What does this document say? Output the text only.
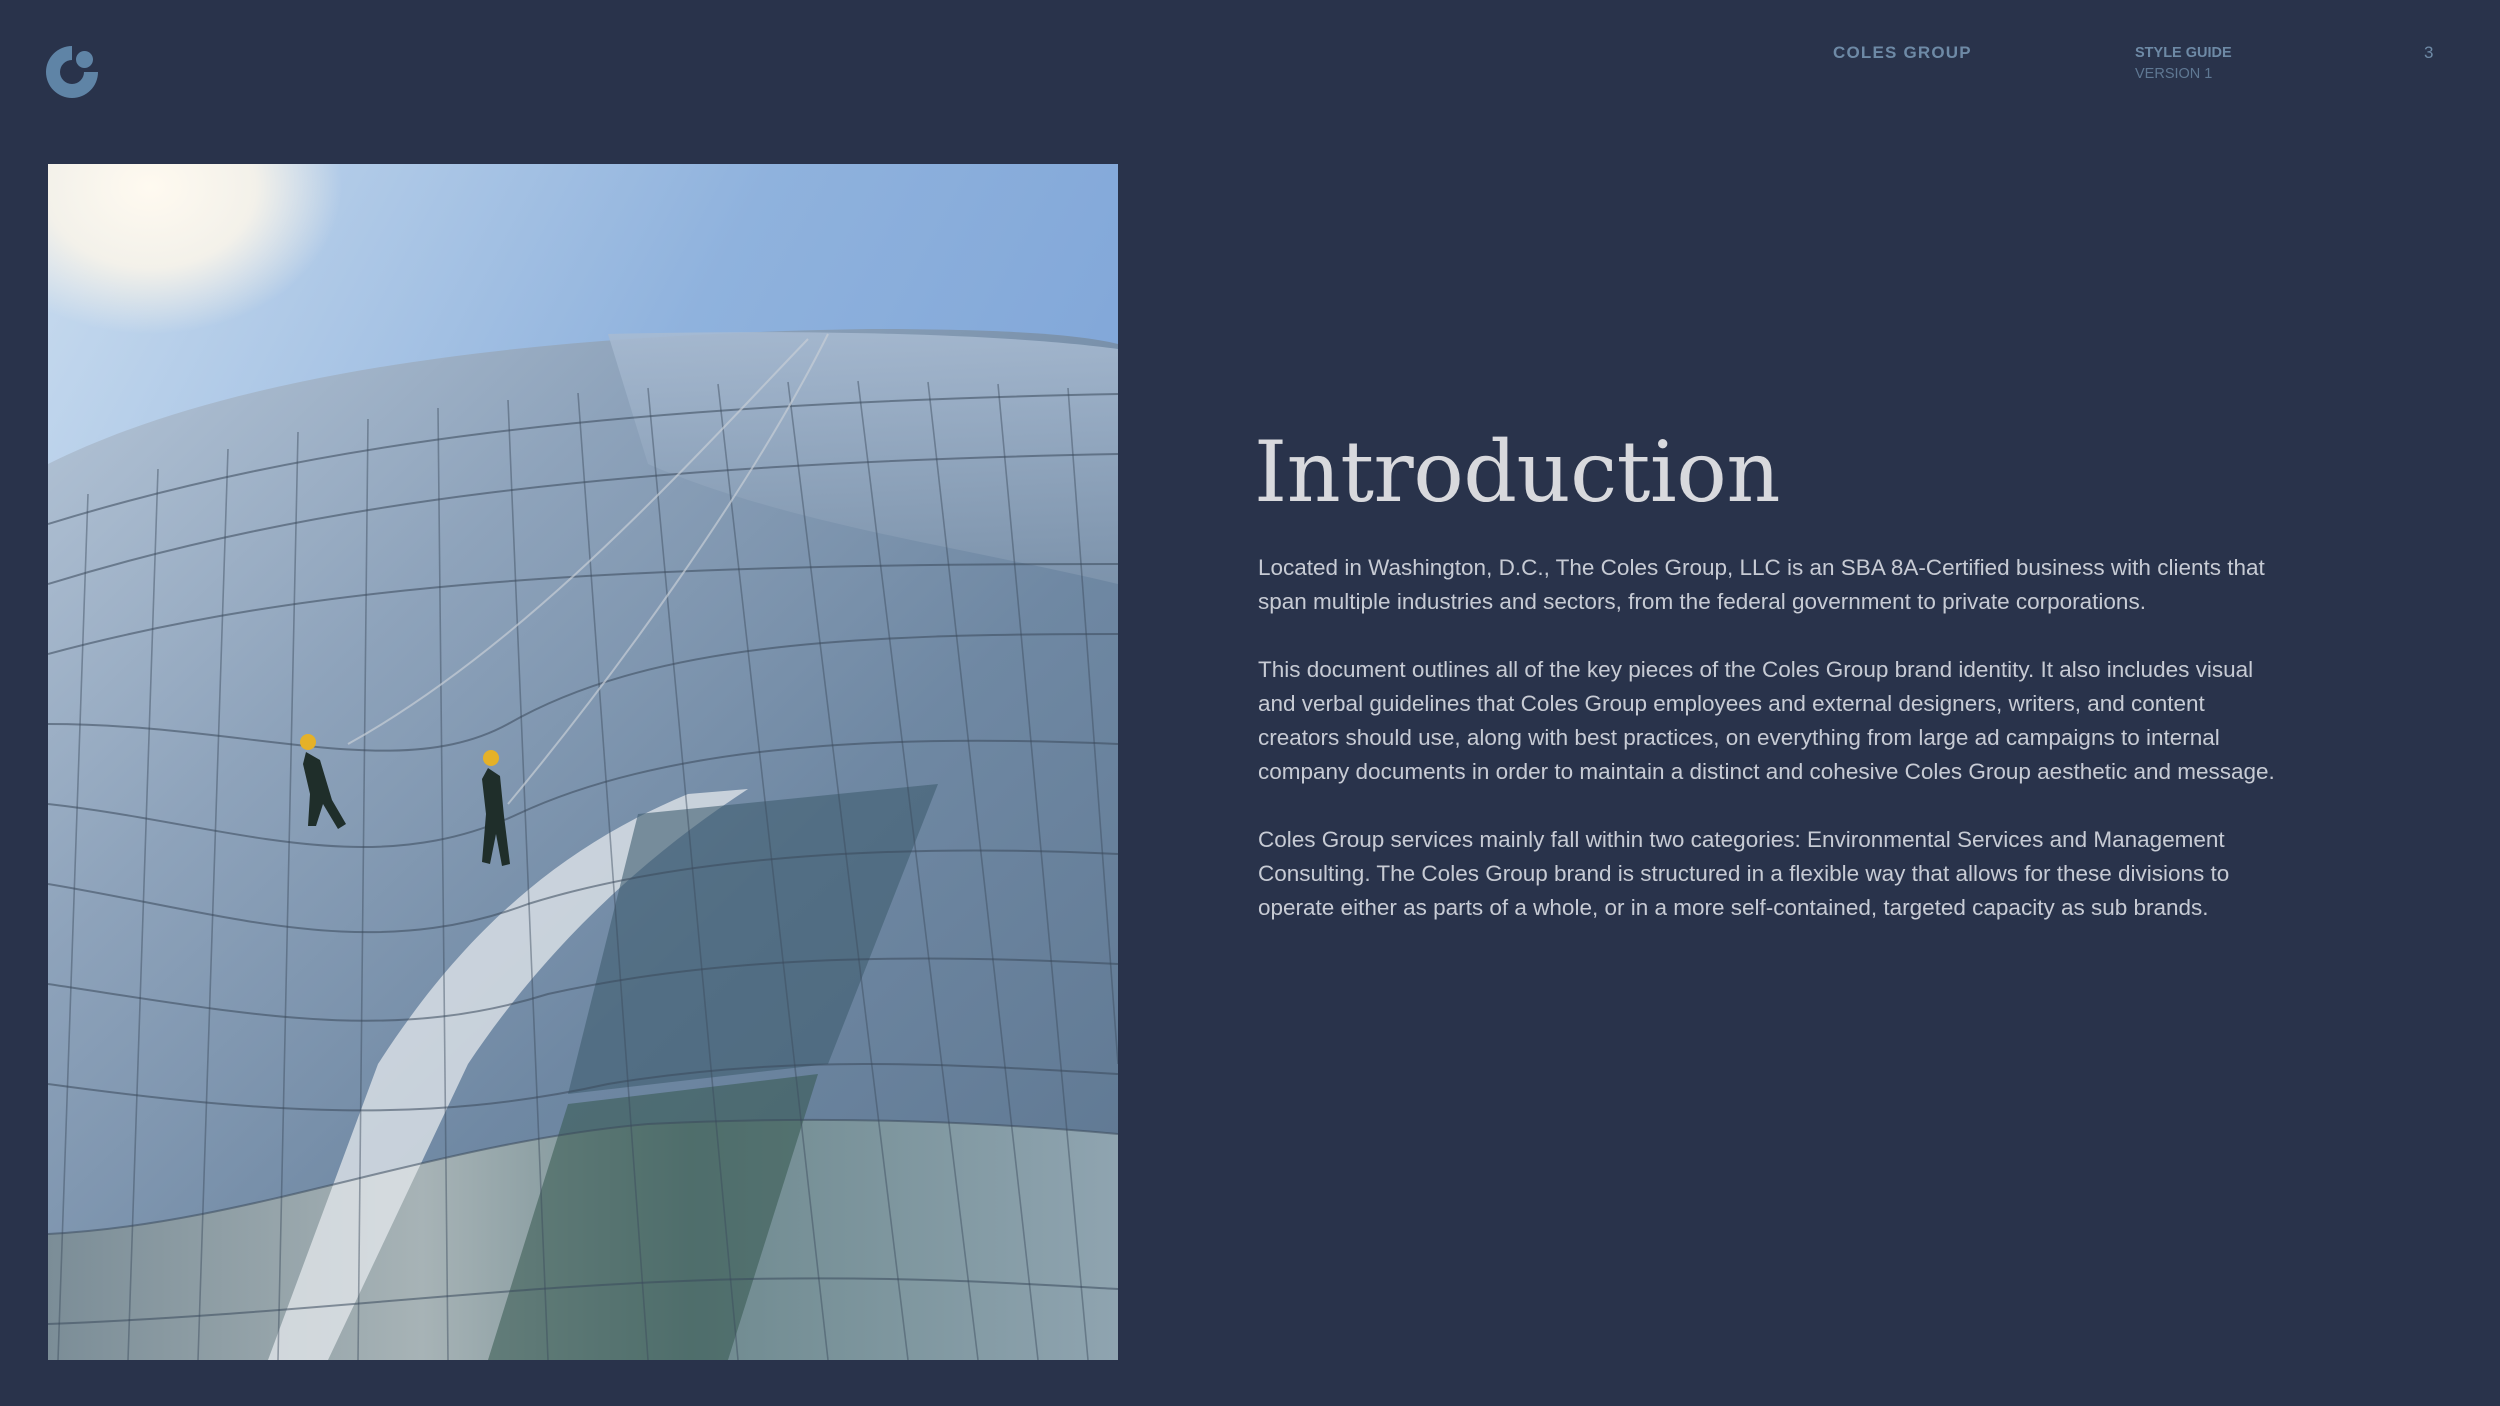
COLES GROUP	STYLE GUIDE
VERSION 1
3
Introduction

Located in Washington, D.C., The Coles Group, LLC is an SBA 8A-Certified business with clients that span multiple industries and sectors, from the federal government to private corporations.

This document outlines all of the key pieces of the Coles Group brand identity. It also includes visual and verbal guidelines that Coles Group employees and external designers, writers, and content creators should use, along with best practices, on everything from large ad campaigns to internal company documents in order to maintain a distinct and cohesive Coles Group aesthetic and message.

Coles Group services mainly fall within two categories: Environmental Services and Management Consulting. The Coles Group brand is structured in a flexible way that allows for these divisions to operate either as parts of a whole, or in a more self-contained, targeted capacity as sub brands.
